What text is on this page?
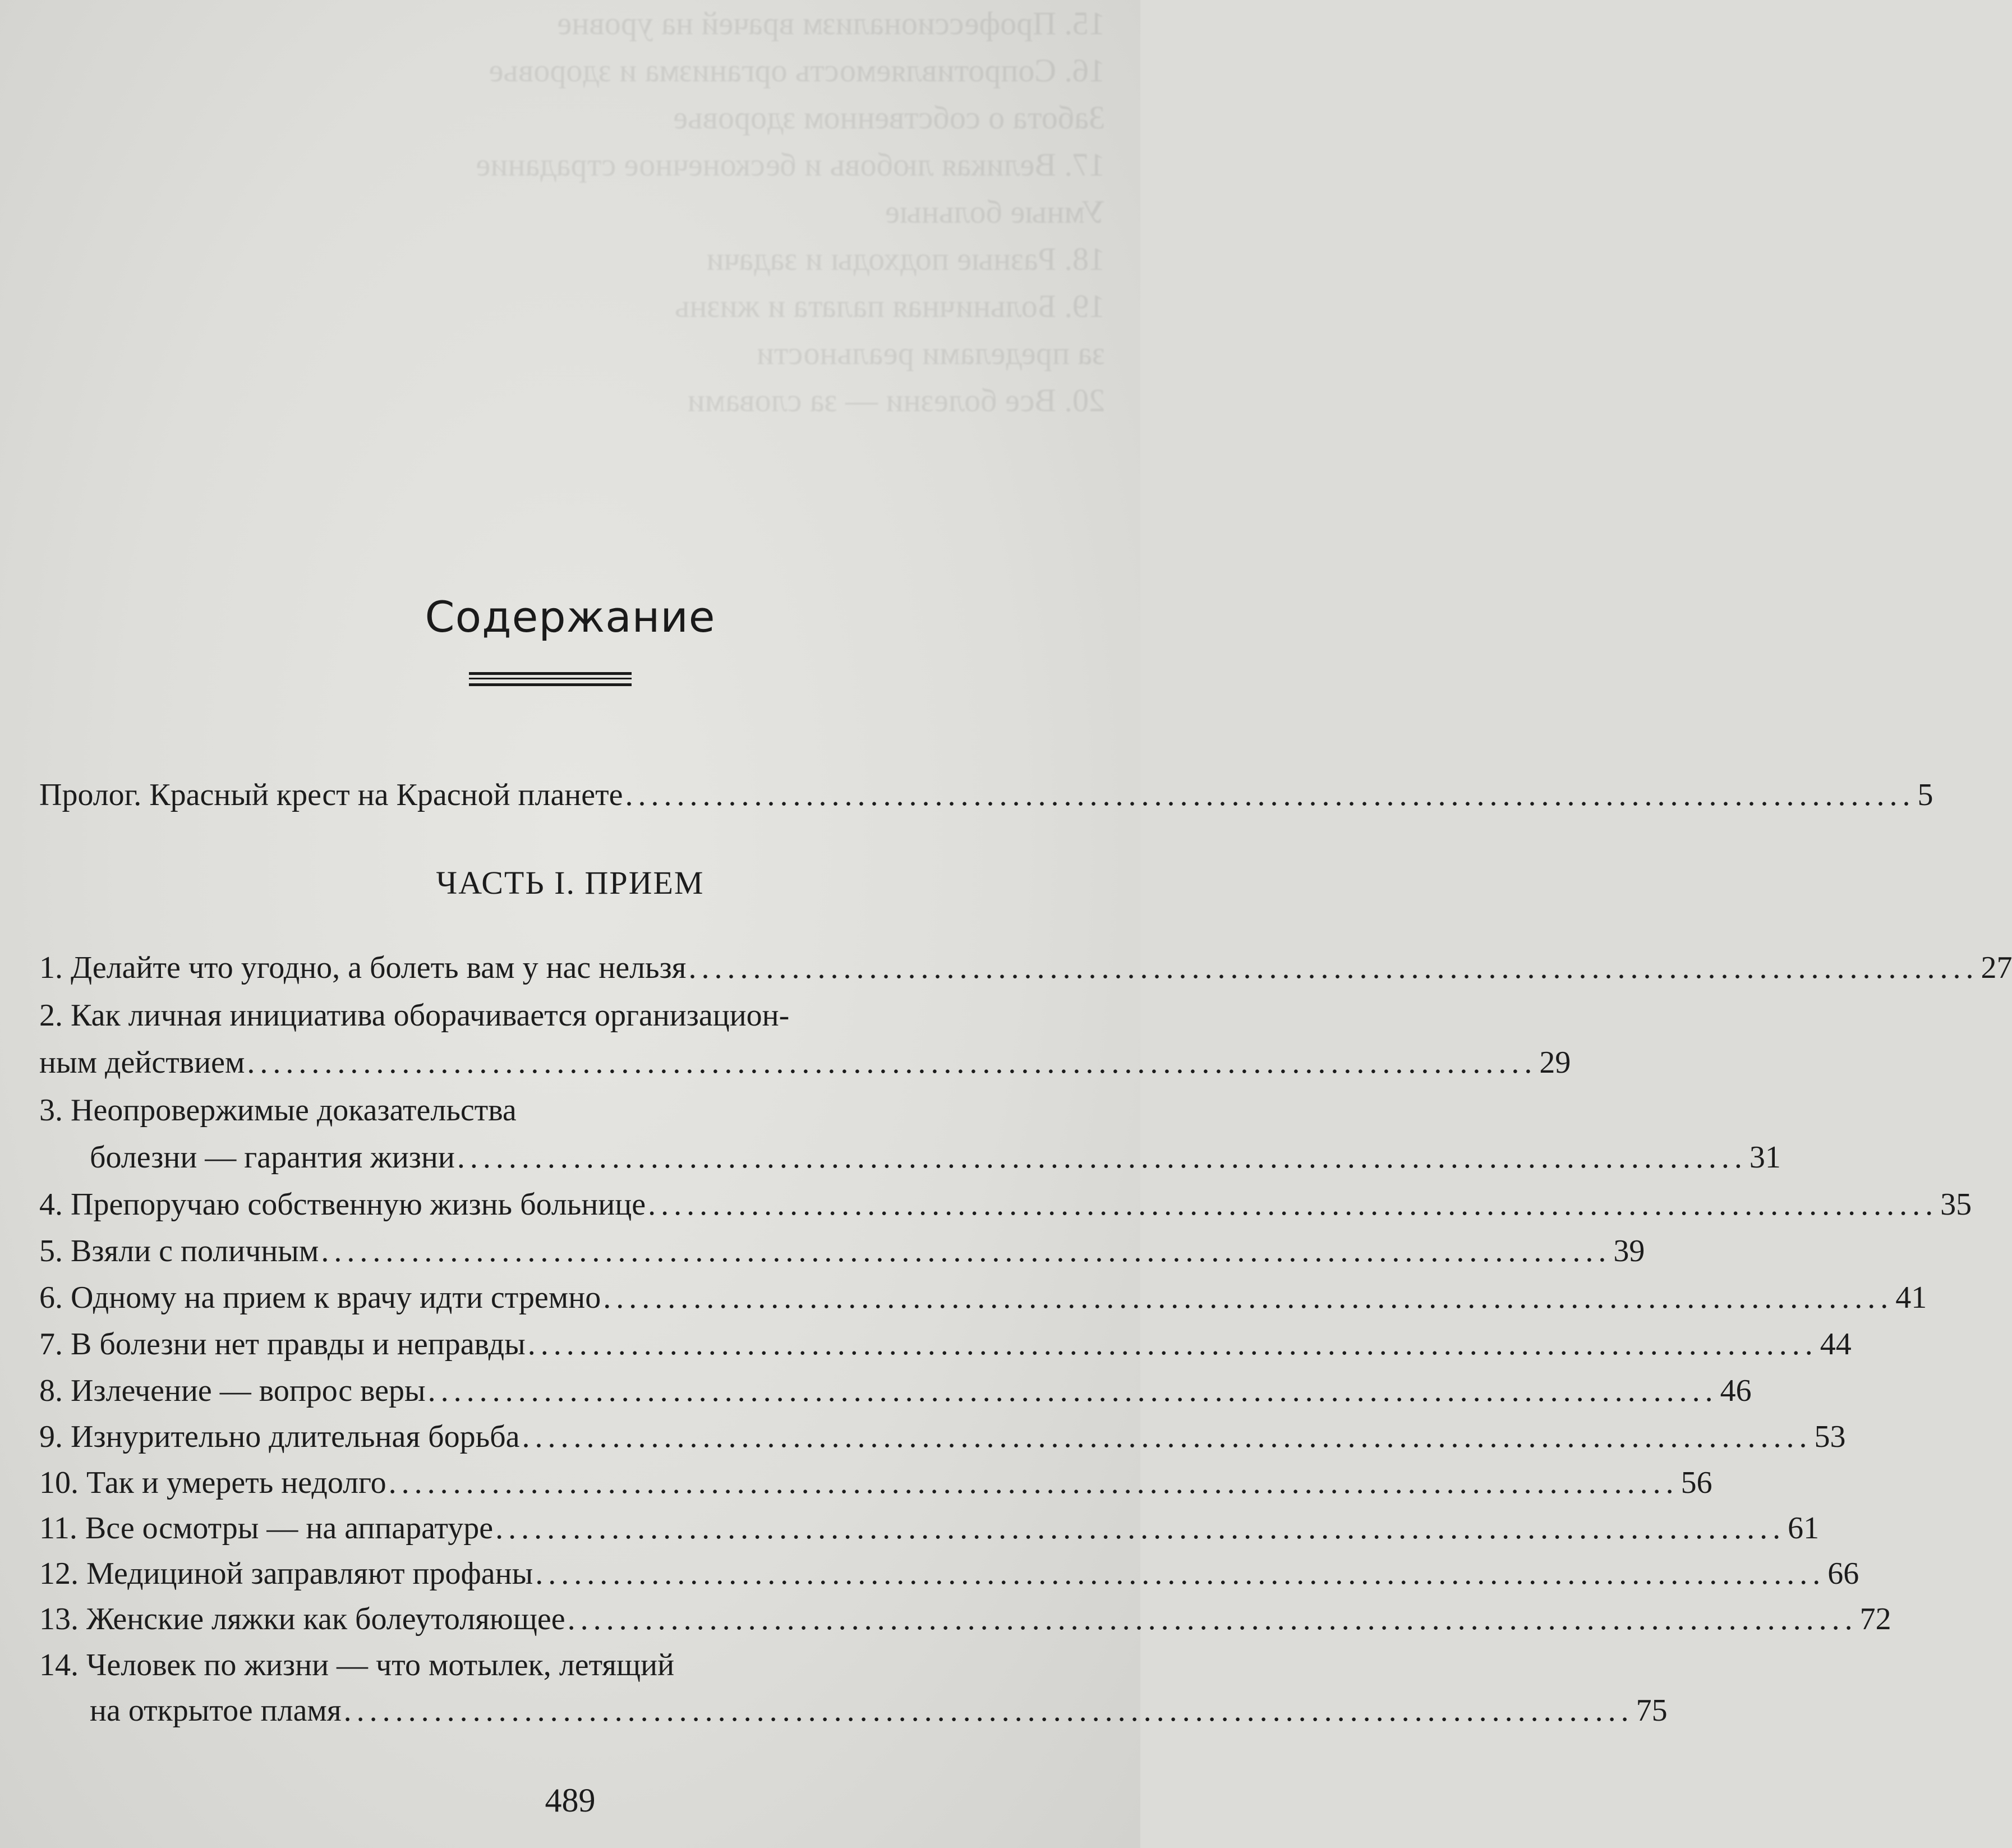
15. Профессионализм врачей на уровне
16. Сопротивляемость организма и здоровье
Забота о собственном здоровье
17. Великая любовь и бесконечное страдание
Умные больные
18. Разные подходы и задачи
19. Больничная палата и жизнь
за пределами реальности
20. Все болезни — за словами
Содержание
Пролог. Красный крест на Красной планете .................................................................................................... 5
ЧАСТЬ I. ПРИЕМ
1. Делайте что угодно, а болеть вам у нас нельзя .................................................................................................... 27
2. Как личная инициатива оборачивается организацион-
ным действием .................................................................................................... 29
3. Неопровержимые доказательства
болезни — гарантия жизни .................................................................................................... 31
4. Препоручаю собственную жизнь больнице .................................................................................................... 35
5. Взяли с поличным .................................................................................................... 39
6. Одному на прием к врачу идти стремно .................................................................................................... 41
7. В болезни нет правды и неправды .................................................................................................... 44
8. Излечение — вопрос веры .................................................................................................... 46
9. Изнурительно длительная борьба .................................................................................................... 53
10. Так и умереть недолго .................................................................................................... 56
11. Все осмотры — на аппаратуре .................................................................................................... 61
12. Медициной заправляют профаны .................................................................................................... 66
13. Женские ляжки как болеутоляющее .................................................................................................... 72
14. Человек по жизни — что мотылек, летящий
на открытое пламя .................................................................................................... 75
489
